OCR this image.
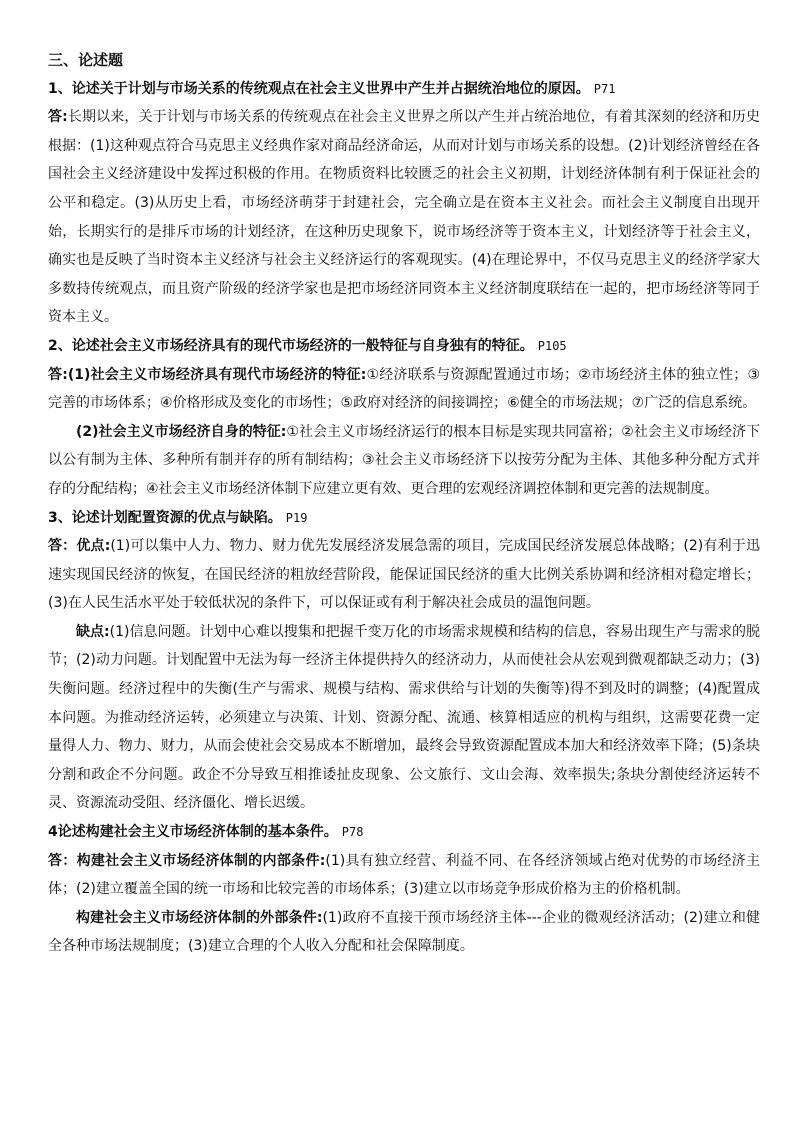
三、论述题

1、论述关于计划与市场关系的传统观点在社会主义世界中产生并占据统治地位的原因。 P71

答:长期以来，关于计划与市场关系的传统观点在社会主义世界之所以产生并占统治地位，有着其深刻的经济和历史根据：(1)这种观点符合马克思主义经典作家对商品经济命运，从而对计划与市场关系的设想。(2)计划经济曾经在各国社会主义经济建设中发挥过积极的作用。在物质资料比较匮乏的社会主义初期，计划经济体制有利于保证社会的公平和稳定。(3)从历史上看，市场经济萌芽于封建社会，完全确立是在资本主义社会。而社会主义制度自出现开始，长期实行的是排斥市场的计划经济，在这种历史现象下，说市场经济等于资本主义，计划经济等于社会主义，确实也是反映了当时资本主义经济与社会主义经济运行的客观现实。(4)在理论界中，不仅马克思主义的经济学家大多数持传统观点，而且资产阶级的经济学家也是把市场经济同资本主义经济制度联结在一起的，把市场经济等同于资本主义。

2、论述社会主义市场经济具有的现代市场经济的一般特征与自身独有的特征。 P105

答:(1)社会主义市场经济具有现代市场经济的特征:①经济联系与资源配置通过市场；②市场经济主体的独立性；③完善的市场体系；④价格形成及变化的市场性；⑤政府对经济的间接调控；⑥健全的市场法规；⑦广泛的信息系统。

(2)社会主义市场经济自身的特征:①社会主义市场经济运行的根本目标是实现共同富裕；②社会主义市场经济下以公有制为主体、多种所有制并存的所有制结构；③社会主义市场经济下以按劳分配为主体、其他多种分配方式并存的分配结构；④社会主义市场经济体制下应建立更有效、更合理的宏观经济调控体制和更完善的法规制度。

3、论述计划配置资源的优点与缺陷。 P19

答：优点:(1)可以集中人力、物力、财力优先发展经济发展急需的项目，完成国民经济发展总体战略；(2)有利于迅速实现国民经济的恢复，在国民经济的粗放经营阶段，能保证国民经济的重大比例关系协调和经济相对稳定增长；(3)在人民生活水平处于较低状况的条件下，可以保证或有利于解决社会成员的温饱问题。

缺点:(1)信息问题。计划中心难以搜集和把握千变万化的市场需求规模和结构的信息，容易出现生产与需求的脱节；(2)动力问题。计划配置中无法为每一经济主体提供持久的经济动力，从而使社会从宏观到微观都缺乏动力；(3)失衡问题。经济过程中的失衡(生产与需求、规模与结构、需求供给与计划的失衡等)得不到及时的调整；(4)配置成本问题。为推动经济运转，必须建立与决策、计划、资源分配、流通、核算相适应的机构与组织，这需要花费一定量得人力、物力、财力，从而会使社会交易成本不断增加，最终会导致资源配置成本加大和经济效率下降；(5)条块分割和政企不分问题。政企不分导致互相推诿扯皮现象、公文旅行、文山会海、效率损失;条块分割使经济运转不灵、资源流动受阻、经济僵化、增长迟缓。

4论述构建社会主义市场经济体制的基本条件。 P78

答：构建社会主义市场经济体制的内部条件:(1)具有独立经营、利益不同、在各经济领域占绝对优势的市场经济主体；(2)建立覆盖全国的统一市场和比较完善的市场体系；(3)建立以市场竞争形成价格为主的价格机制。

构建社会主义市场经济体制的外部条件:(1)政府不直接干预市场经济主体---企业的微观经济活动；(2)建立和健全各种市场法规制度；(3)建立合理的个人收入分配和社会保障制度。
